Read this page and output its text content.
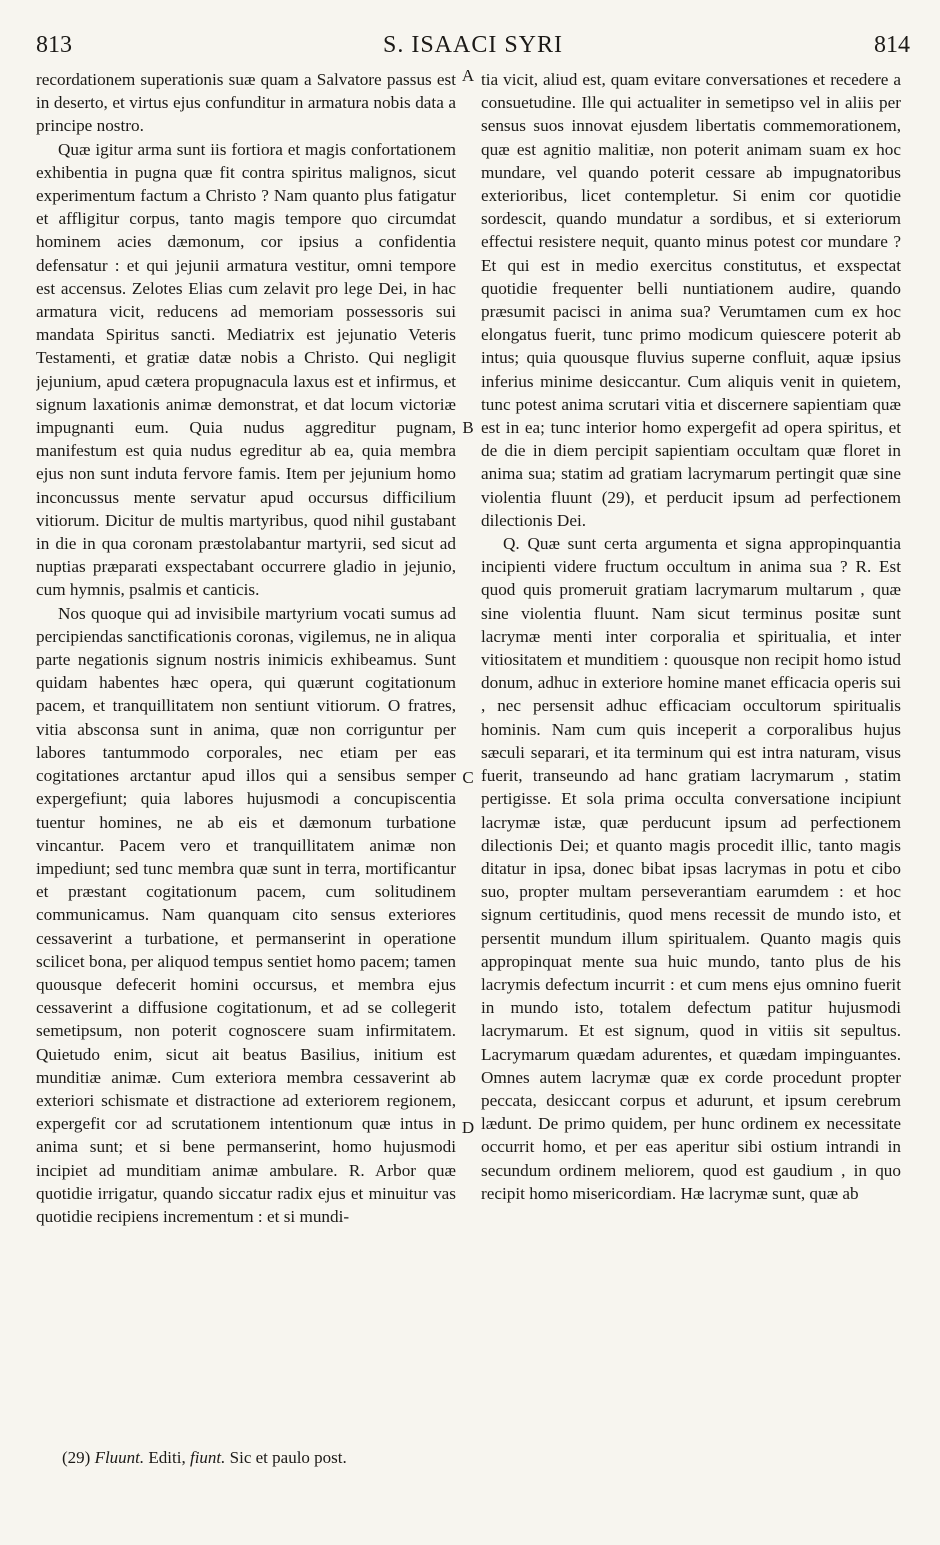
813	S. ISAACI SYRI	814

recordationem superationis suæ quam a Salvatore passus est in deserto, et virtus ejus confunditur in armatura nobis data a principe nostro.

Quæ igitur arma sunt iis fortiora et magis confortationem exhibentia in pugna quæ fit contra spiritus malignos, sicut experimentum factum a Christo ? Nam quanto plus fatigatur et affligitur corpus, tanto magis tempore quo circumdat hominem acies dæmonum, cor ipsius a confidentia defensatur : et qui jejunii armatura vestitur, omni tempore est accensus. Zelotes Elias cum zelavit pro lege Dei, in hac armatura vicit, reducens ad memoriam possessoris sui mandata Spiritus sancti. Mediatrix est jejunatio Veteris Testamenti, et gratiæ datæ nobis a Christo. Qui negligit jejunium, apud cætera propugnacula laxus est et infirmus, et signum laxationis animæ demonstrat, et dat locum victoriæ impugnanti eum. Quia nudus aggreditur pugnam, manifestum est quia nudus egreditur ab ea, quia membra ejus non sunt induta fervore famis. Item per jejunium homo inconcussus mente servatur apud occursus difficilium vitiorum. Dicitur de multis martyribus, quod nihil gustabant in die in qua coronam præstolabantur martyrii, sed sicut ad nuptias præparati exspectabant occurrere gladio in jejunio, cum hymnis, psalmis et canticis.

Nos quoque qui ad invisibile martyrium vocati sumus ad percipiendas sanctificationis coronas, vigilemus, ne in aliqua parte negationis signum nostris inimicis exhibeamus. Sunt quidam habentes hæc opera, qui quærunt cogitationum pacem, et tranquillitatem non sentiunt vitiorum. O fratres, vitia absconsa sunt in anima, quæ non corriguntur per labores tantummodo corporales, nec etiam per eas cogitationes arctantur apud illos qui a sensibus semper expergefiunt; quia labores hujusmodi a concupiscentia tuentur homines, ne ab eis et dæmonum turbatione vincantur. Pacem vero et tranquillitatem animæ non impediunt; sed tunc membra quæ sunt in terra, mortificantur et præstant cogitationum pacem, cum solitudinem communicamus. Nam quanquam cito sensus exteriores cessaverint a turbatione, et permanserint in operatione scilicet bona, per aliquod tempus sentiet homo pacem; tamen quousque defecerit homini occursus, et membra ejus cessaverint a diffusione cogitationum, et ad se collegerit semetipsum, non poterit cognoscere suam infirmitatem. Quietudo enim, sicut ait beatus Basilius, initium est munditiæ animæ. Cum exteriora membra cessaverint ab exteriori schismate et distractione ad exteriorem regionem, expergefit cor ad scrutationem intentionum quæ intus in anima sunt; et si bene permanserint, homo hujusmodi incipiet ad munditiam animæ ambulare. R. Arbor quæ quotidie irrigatur, quando siccatur radix ejus et minuitur vas quotidie recipiens incrementum : et si mundi-

A
B
C
D

tia vicit, aliud est, quam evitare conversationes et recedere a consuetudine. Ille qui actualiter in semetipso vel in aliis per sensus suos innovat ejusdem libertatis commemorationem, quæ est agnitio malitiæ, non poterit animam suam ex hoc mundare, vel quando poterit cessare ab impugnatoribus exterioribus, licet contempletur. Si enim cor quotidie sordescit, quando mundatur a sordibus, et si exteriorum effectui resistere nequit, quanto minus potest cor mundare ? Et qui est in medio exercitus constitutus, et exspectat quotidie frequenter belli nuntiationem audire, quando præsumit pacisci in anima sua? Verumtamen cum ex hoc elongatus fuerit, tunc primo modicum quiescere poterit ab intus; quia quousque fluvius superne confluit, aquæ ipsius inferius minime desiccantur. Cum aliquis venit in quietem, tunc potest anima scrutari vitia et discernere sapientiam quæ est in ea; tunc interior homo expergefit ad opera spiritus, et de die in diem percipit sapientiam occultam quæ floret in anima sua; statim ad gratiam lacrymarum pertingit quæ sine violentia fluunt (29), et perducit ipsum ad perfectionem dilectionis Dei.

Q. Quæ sunt certa argumenta et signa appropinquantia incipienti videre fructum occultum in anima sua ? R. Est quod quis promeruit gratiam lacrymarum multarum , quæ sine violentia fluunt. Nam sicut terminus positæ sunt lacrymæ menti inter corporalia et spiritualia, et inter vitiositatem et munditiem : quousque non recipit homo istud donum, adhuc in exteriore homine manet efficacia operis sui , nec persensit adhuc efficaciam occultorum spiritualis hominis. Nam cum quis inceperit a corporalibus hujus sæculi separari, et ita terminum qui est intra naturam, visus fuerit, transeundo ad hanc gratiam lacrymarum , statim pertigisse. Et sola prima occulta conversatione incipiunt lacrymæ istæ, quæ perducunt ipsum ad perfectionem dilectionis Dei; et quanto magis procedit illic, tanto magis ditatur in ipsa, donec bibat ipsas lacrymas in potu et cibo suo, propter multam perseverantiam earumdem : et hoc signum certitudinis, quod mens recessit de mundo isto, et persentit mundum illum spiritualem. Quanto magis quis appropinquat mente sua huic mundo, tanto plus de his lacrymis defectum incurrit : et cum mens ejus omnino fuerit in mundo isto, totalem defectum patitur hujusmodi lacrymarum. Et est signum, quod in vitiis sit sepultus. Lacrymarum quædam adurentes, et quædam impinguantes. Omnes autem lacrymæ quæ ex corde procedunt propter peccata, desiccant corpus et adurunt, et ipsum cerebrum lædunt. De primo quidem, per hunc ordinem ex necessitate occurrit homo, et per eas aperitur sibi ostium intrandi in secundum ordinem meliorem, quod est gaudium , in quo recipit homo misericordiam. Hæ lacrymæ sunt, quæ ab

(29) Fluunt. Editi, fiunt. Sic et paulo post.
